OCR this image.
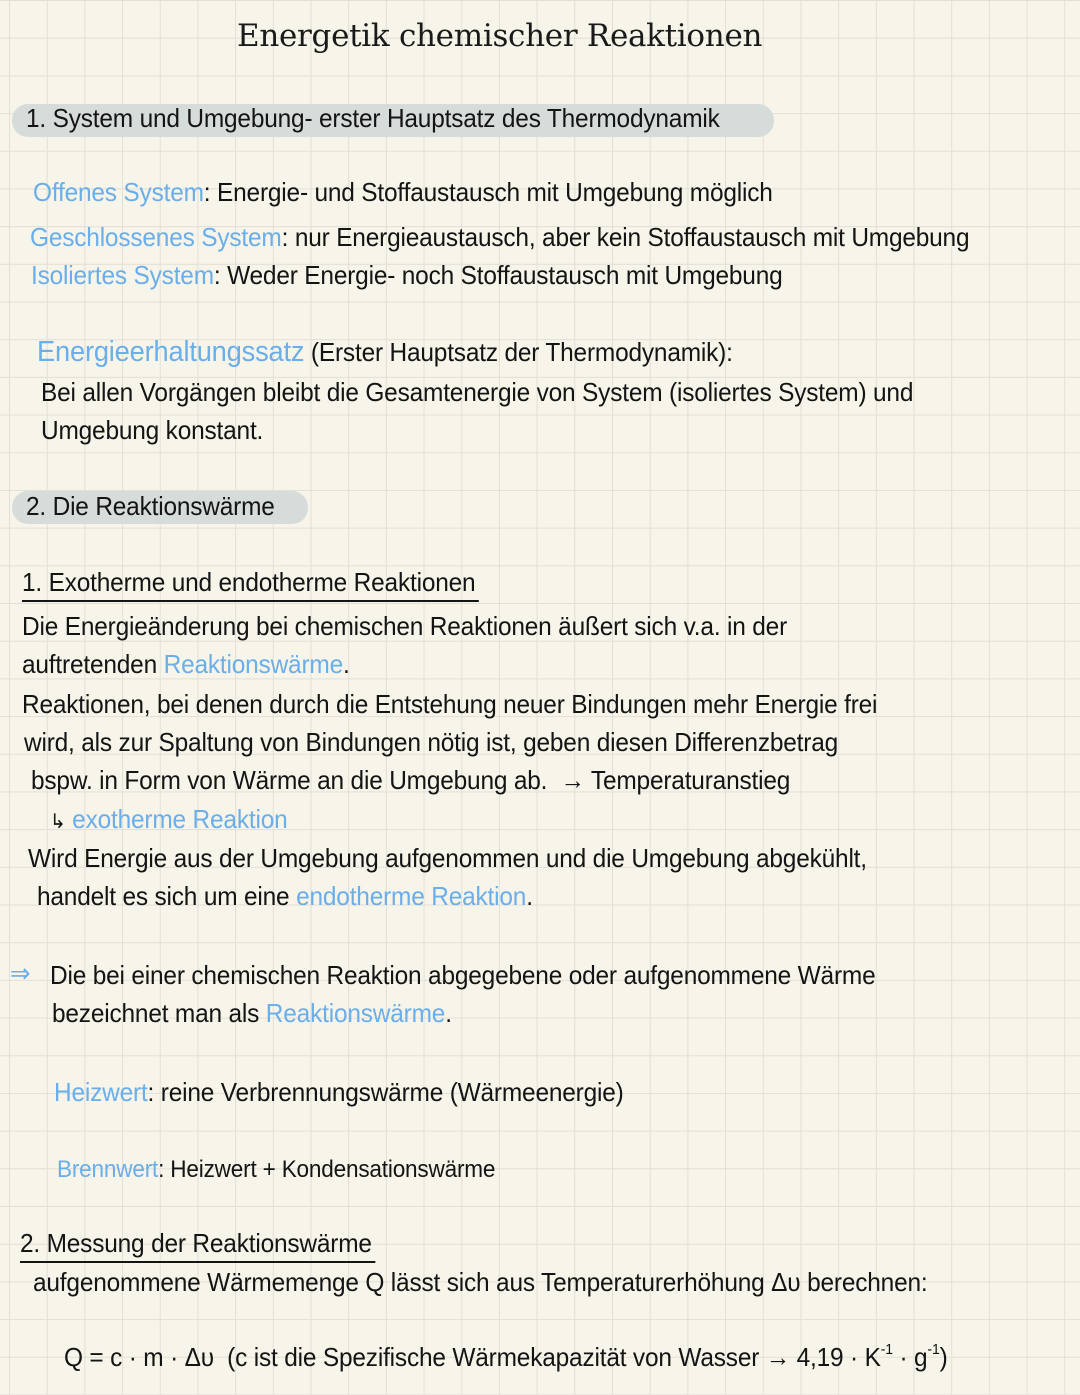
Energetik chemischer Reaktionen
1. System und Umgebung- erster Hauptsatz des Thermodynamik
Offenes System: Energie- und Stoffaustausch mit Umgebung möglich
Geschlossenes System: nur Energieaustausch, aber kein Stoffaustausch mit Umgebung
Isoliertes System: Weder Energie- noch Stoffaustausch mit Umgebung
Energieerhaltungssatz (Erster Hauptsatz der Thermodynamik):
Bei allen Vorgängen bleibt die Gesamtenergie von System (isoliertes System) und
Umgebung konstant.
2. Die Reaktionswärme
1. Exotherme und endotherme Reaktionen
Die Energieänderung bei chemischen Reaktionen äußert sich v.a. in der
auftretenden Reaktionswärme.
Reaktionen, bei denen durch die Entstehung neuer Bindungen mehr Energie frei
wird, als zur Spaltung von Bindungen nötig ist, geben diesen Differenzbetrag
bspw. in Form von Wärme an die Umgebung ab. → Temperaturanstieg
↳ exotherme Reaktion
Wird Energie aus der Umgebung aufgenommen und die Umgebung abgekühlt,
handelt es sich um eine endotherme Reaktion.
⇒ Die bei einer chemischen Reaktion abgegebene oder aufgenommene Wärme
bezeichnet man als Reaktionswärme.
Heizwert: reine Verbrennungswärme (Wärmeenergie)
Brennwert: Heizwert + Kondensationswärme
2. Messung der Reaktionswärme
aufgenommene Wärmemenge Q lässt sich aus Temperaturerhöhung Δυ berechnen:
Q = c · m · Δυ (c ist die Spezifische Wärmekapazität von Wasser → $4,19 \cdot K^{-1} \cdot g^{-1}$)
